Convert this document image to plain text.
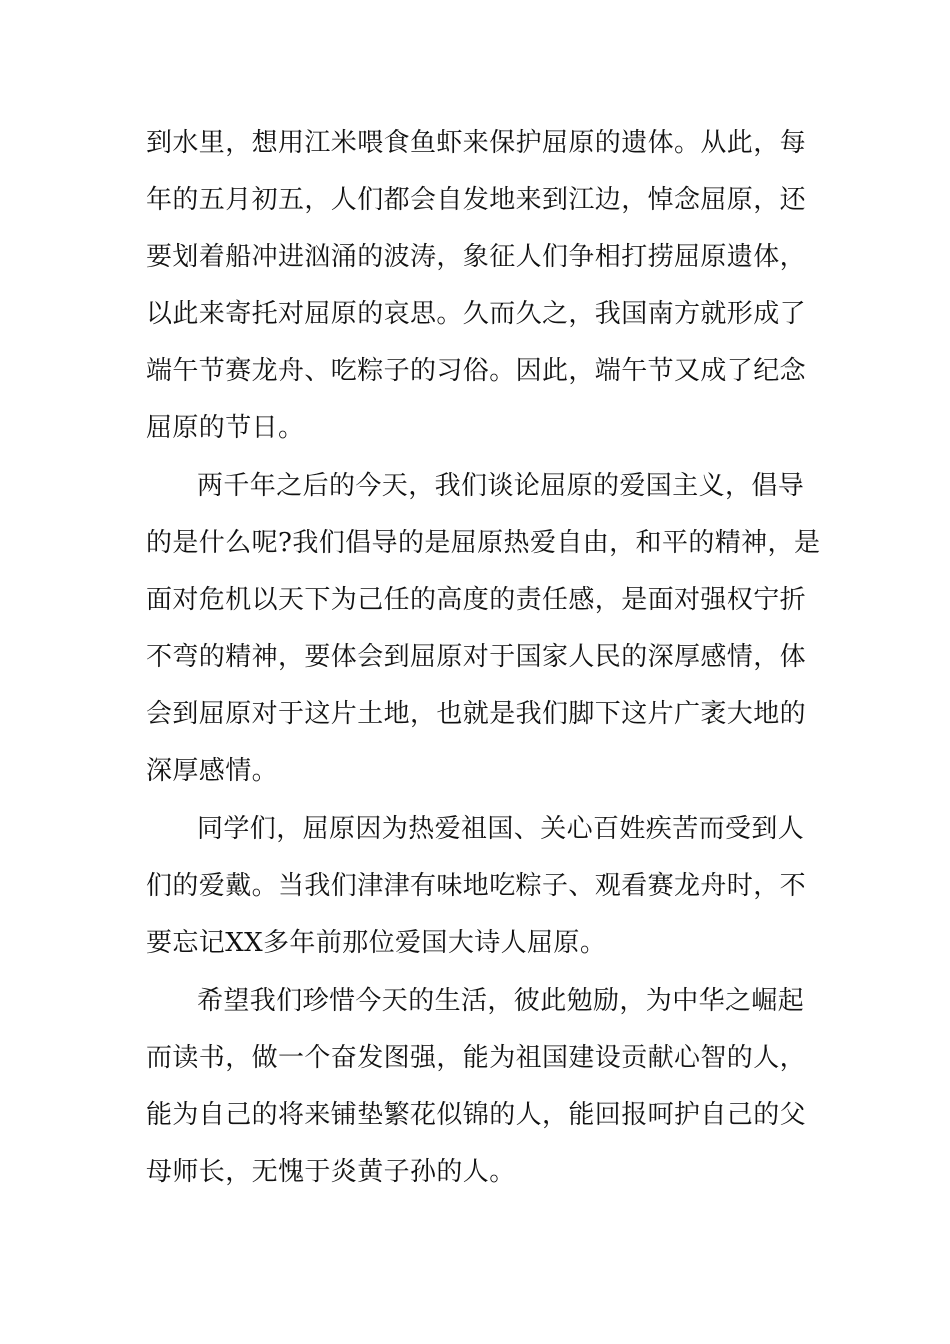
到水里，想用江米喂食鱼虾来保护屈原的遗体。从此，每
年的五月初五，人们都会自发地来到江边，悼念屈原，还
要划着船冲进汹涌的波涛，象征人们争相打捞屈原遗体，
以此来寄托对屈原的哀思。久而久之，我国南方就形成了
端午节赛龙舟、吃粽子的习俗。因此，端午节又成了纪念
屈原的节日。
两千年之后的今天，我们谈论屈原的爱国主义，倡导
的是什么呢?我们倡导的是屈原热爱自由，和平的精神，是
面对危机以天下为己任的高度的责任感，是面对强权宁折
不弯的精神，要体会到屈原对于国家人民的深厚感情，体
会到屈原对于这片土地，也就是我们脚下这片广袤大地的
深厚感情。
同学们，屈原因为热爱祖国、关心百姓疾苦而受到人
们的爱戴。当我们津津有味地吃粽子、观看赛龙舟时，不
要忘记XX多年前那位爱国大诗人屈原。
希望我们珍惜今天的生活，彼此勉励，为中华之崛起
而读书，做一个奋发图强，能为祖国建设贡献心智的人，
能为自己的将来铺垫繁花似锦的人，能回报呵护自己的父
母师长，无愧于炎黄子孙的人。
